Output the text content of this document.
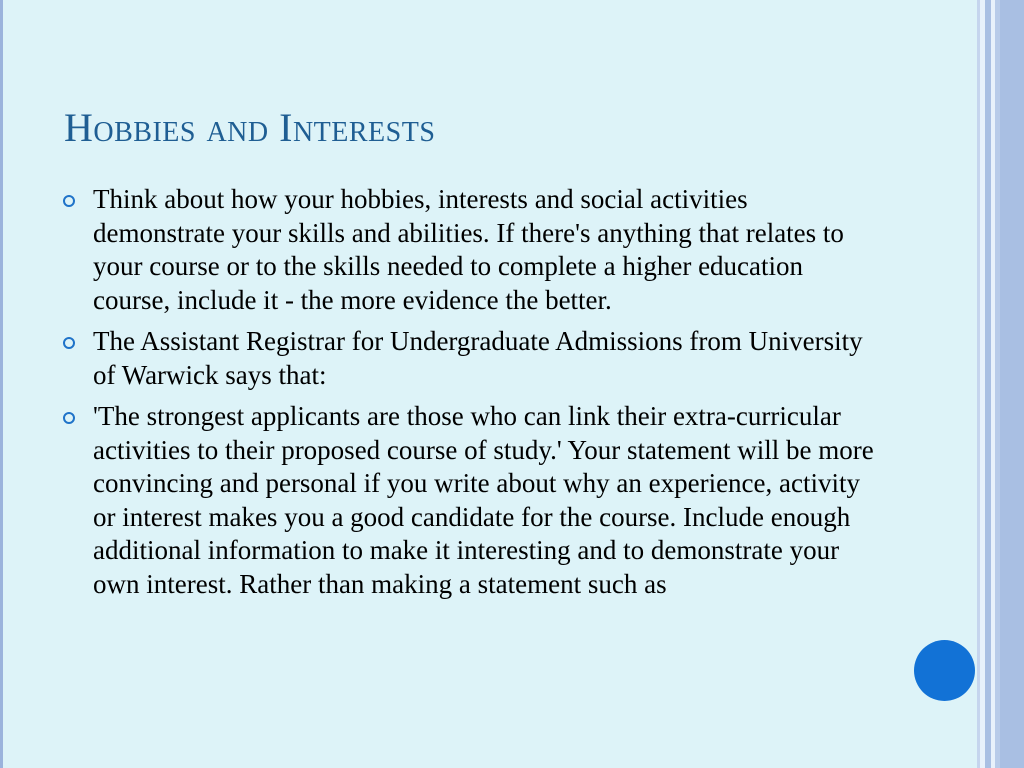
Hobbies and Interests
Think about how your hobbies, interests and social activities demonstrate your skills and abilities. If there's anything that relates to your course or to the skills needed to complete a higher education course, include it - the more evidence the better.
The Assistant Registrar for Undergraduate Admissions from University of Warwick says that:
'The strongest applicants are those who can link their extra-curricular activities to their proposed course of study.' Your statement will be more convincing and personal if you write about why an experience, activity or interest makes you a good candidate for the course. Include enough additional information to make it interesting and to demonstrate your own interest. Rather than making a statement such as
